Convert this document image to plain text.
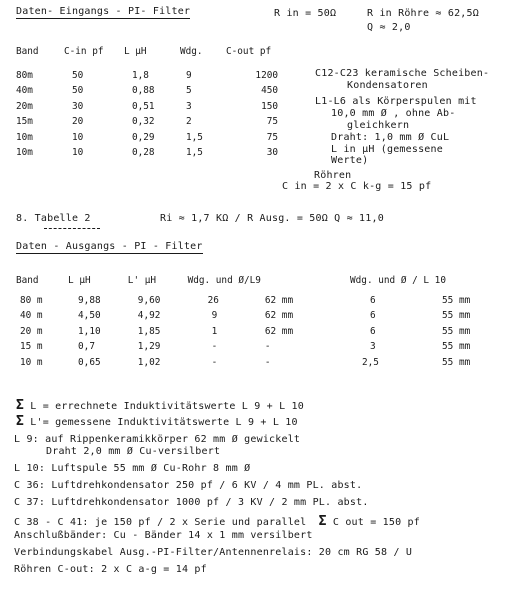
Daten- Eingangs - PI- Filter	R in = 50Ω	R in Röhre ≈ 62,5Ω
Q ≈ 2,0
Band	C-in pf	L µH	Wdg.	C-out pf

80m	50	1,8	9	1200
40m	50	0,88	5	450
20m	30	0,51	3	150
15m	20	0,32	2	75
10m	10	0,29	1,5	75
10m	10	0,28	1,5	30
C12-C23 keramische Scheiben-
Kondensatoren
L1-L6 als Körperspulen mit
10,0 mm Ø , ohne Ab-
gleichkern
Draht: 1,0 mm Ø CuL
L in µH (gemessene
Werte)
Röhren
C in = 2 x C k-g = 15 pf
8. Tabelle 2	Ri ≈ 1,7 KΩ / R Ausg. = 50Ω Q ≈ 11,0
Daten - Ausgangs - PI - Filter
Band	L µH	L' µH	Wdg. und Ø/L9		Wdg. und Ø / L 10	

80 m	9,88	9,60	26	62 mm	6	55 mm
40 m	4,50	4,92	9	62 mm	6	55 mm
20 m	1,10	1,85	1	62 mm	6	55 mm
15 m	0,7	1,29	-	-	3	55 mm
10 m	0,65	1,02	-	-	2,5	55 mm
Σ L = errechnete Induktivitätswerte L 9 + L 10
Σ L'= gemessene Induktivitätswerte L 9 + L 10
L 9: auf Rippenkeramikkörper 62 mm Ø gewickelt
Draht 2,0 mm Ø Cu-versilbert
L 10: Luftspule 55 mm Ø Cu-Rohr 8 mm Ø
C 36: Luftdrehkondensator 250 pf / 6 KV / 4 mm PL. abst.
C 37: Luftdrehkondensator 1000 pf / 3 KV / 2 mm PL. abst.
C 38 - C 41: je 150 pf / 2 x Serie und parallel Σ C out = 150 pf
Anschlußbänder: Cu - Bänder 14 x 1 mm versilbert
Verbindungskabel Ausg.-PI-Filter/Antennenrelais: 20 cm RG 58 / U
Röhren C-out: 2 x C a-g = 14 pf
